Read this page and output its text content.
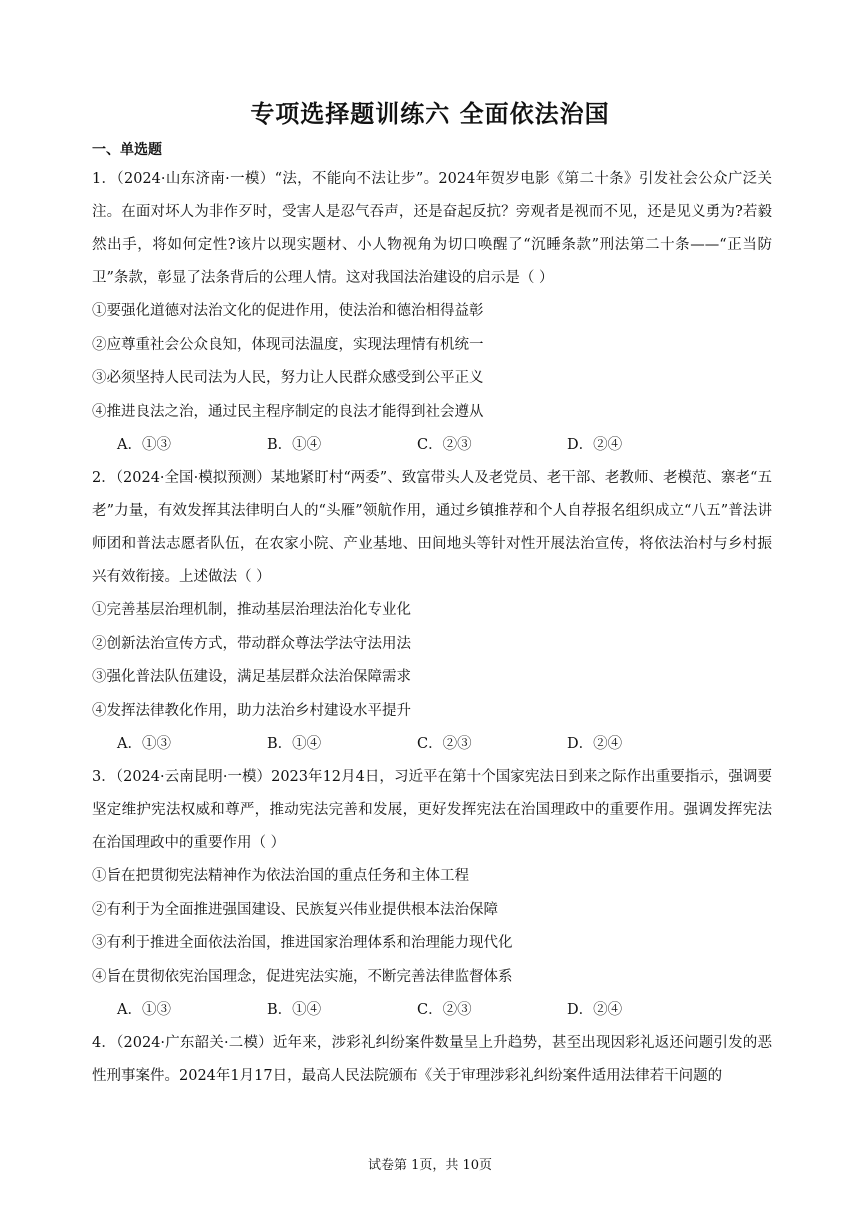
专项选择题训练六 全面依法治国
一、单选题

1．（2024·山东济南·一模）“法，不能向不法让步”。2024年贺岁电影《第二十条》引发社会公众广泛关注。在面对坏人为非作歹时，受害人是忍气吞声，还是奋起反抗？旁观者是视而不见，还是见义勇为?若毅然出手，将如何定性?该片以现实题材、小人物视角为切口唤醒了“沉睡条款”刑法第二十条——“正当防卫”条款，彰显了法条背后的公理人情。这对我国法治建设的启示是（ ）

①要强化道德对法治文化的促进作用，使法治和德治相得益彰

②应尊重社会公众良知，体现司法温度，实现法理情有机统一

③必须坚持人民司法为人民，努力让人民群众感受到公平正义

④推进良法之治，通过民主程序制定的良法才能得到社会遵从

A．①③	B．①④	C．②③	D．②④

2．（2024·全国·模拟预测）某地紧盯村“两委”、致富带头人及老党员、老干部、老教师、老模范、寨老“五老”力量，有效发挥其法律明白人的“头雁”领航作用，通过乡镇推荐和个人自荐报名组织成立“八五”普法讲师团和普法志愿者队伍，在农家小院、产业基地、田间地头等针对性开展法治宣传，将依法治村与乡村振兴有效衔接。上述做法（ ）

①完善基层治理机制，推动基层治理法治化专业化

②创新法治宣传方式，带动群众尊法学法守法用法

③强化普法队伍建设，满足基层群众法治保障需求

④发挥法律教化作用，助力法治乡村建设水平提升

A．①③	B．①④	C．②③	D．②④

3．（2024·云南昆明·一模）2023年12月4日，习近平在第十个国家宪法日到来之际作出重要指示，强调要坚定维护宪法权威和尊严，推动宪法完善和发展，更好发挥宪法在治国理政中的重要作用。强调发挥宪法在治国理政中的重要作用（ ）

①旨在把贯彻宪法精神作为依法治国的重点任务和主体工程

②有利于为全面推进强国建设、民族复兴伟业提供根本法治保障

③有利于推进全面依法治国，推进国家治理体系和治理能力现代化

④旨在贯彻依宪治国理念，促进宪法实施，不断完善法律监督体系

A．①③	B．①④	C．②③	D．②④

4．（2024·广东韶关·二模）近年来，涉彩礼纠纷案件数量呈上升趋势，甚至出现因彩礼返还问题引发的恶性刑事案件。2024年1月17日，最高人民法院颁布《关于审理涉彩礼纠纷案件适用法律若干问题的

试卷第 1页，共 10页
